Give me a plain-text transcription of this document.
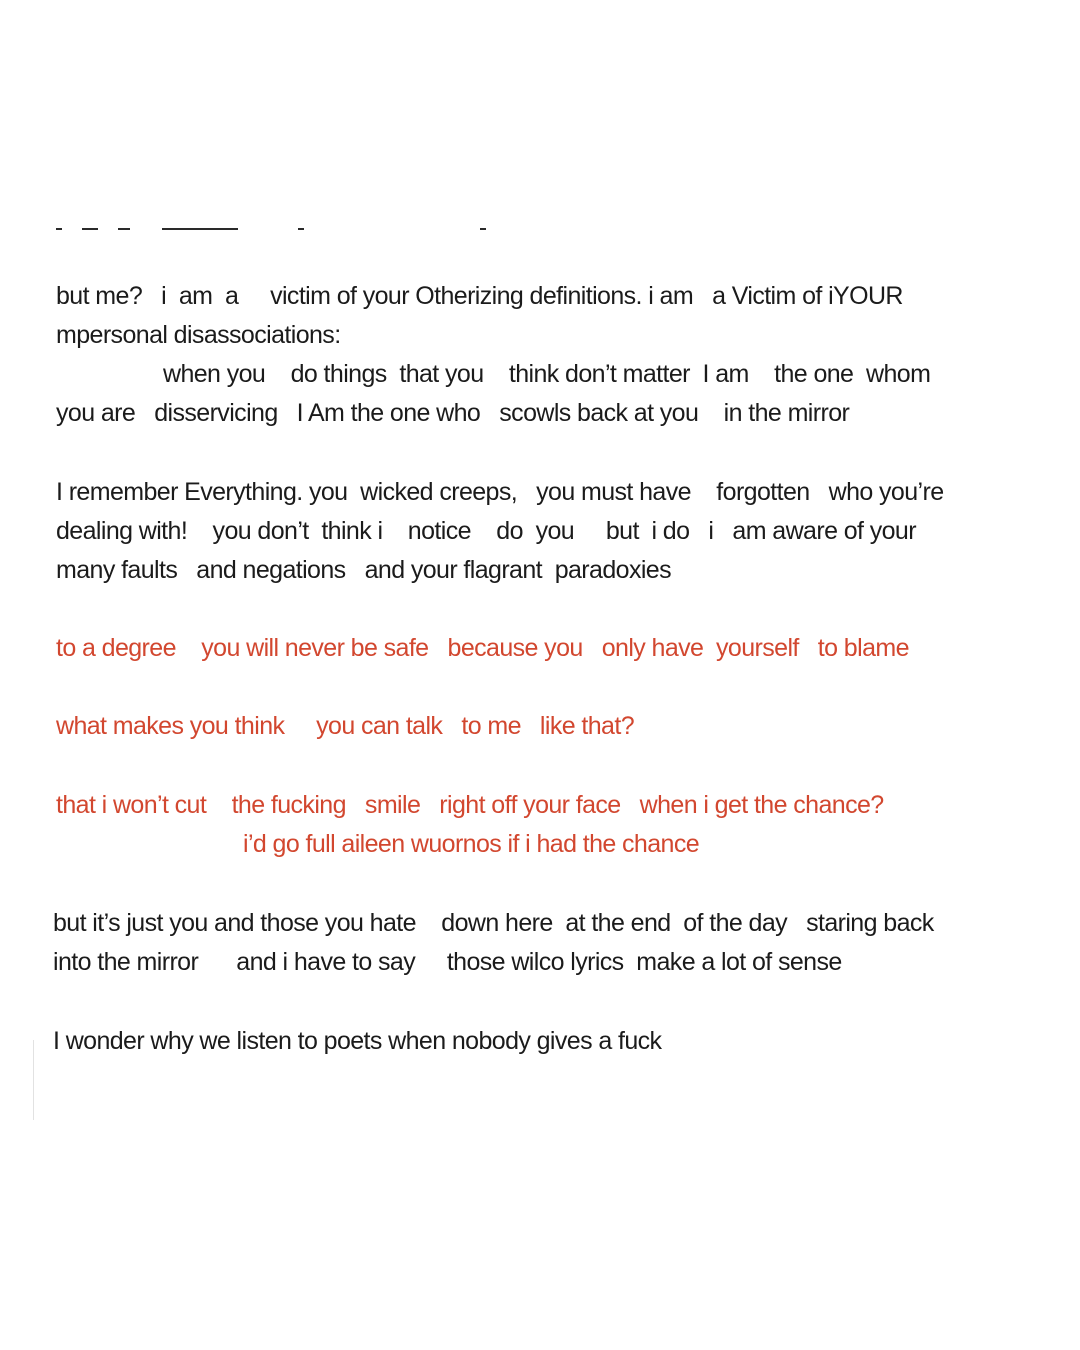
but me?   i  am  a     victim of your Otherizing definitions. i am   a Victim of iYOUR
mpersonal disassociations:
when you    do things  that you    think don’t matter  I am    the one  whom
you are   disservicing   I Am the one who   scowls back at you    in the mirror
I remember Everything. you  wicked creeps,   you must have    forgotten   who you’re
dealing with!    you don’t  think i    notice    do  you     but  i do   i   am aware of your
many faults   and negations   and your flagrant  paradoxies
to a degree    you will never be safe   because you   only have  yourself   to blame
what makes you think     you can talk   to me   like that?
that i won’t cut    the fucking   smile   right off your face   when i get the chance?
i’d go full aileen wuornos if i had the chance
but it’s just you and those you hate    down here  at the end  of the day   staring back
into the mirror      and i have to say     those wilco lyrics  make a lot of sense
I wonder why we listen to poets when nobody gives a fuck
